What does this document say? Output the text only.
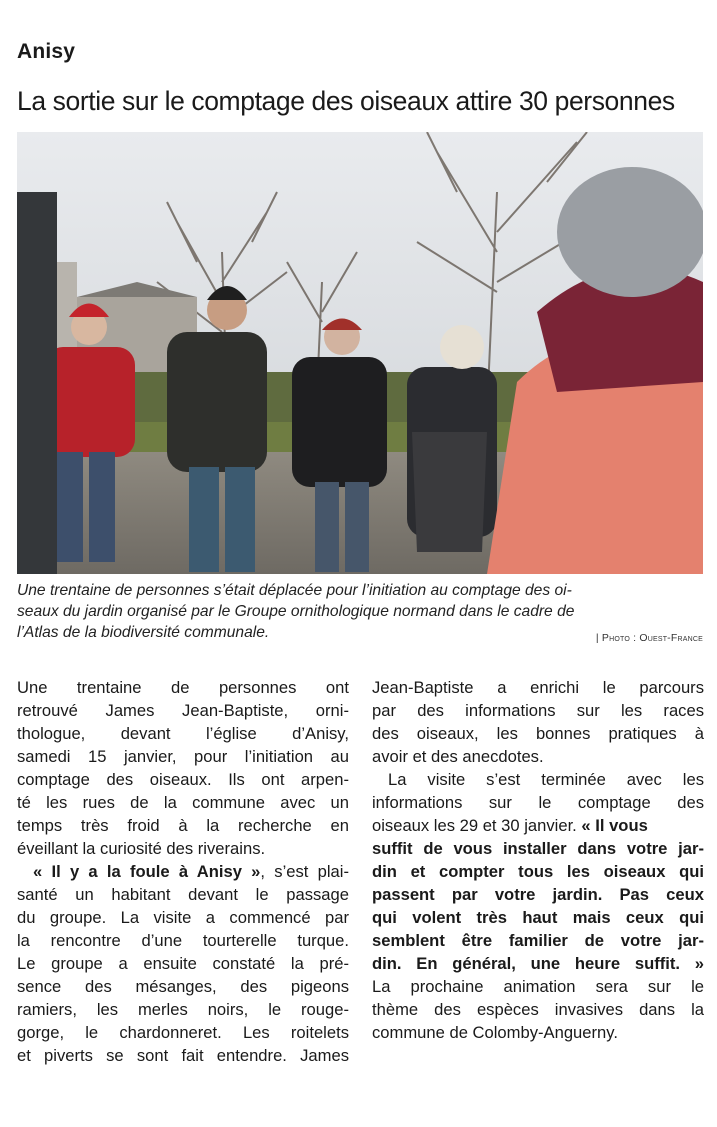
Anisy
La sortie sur le comptage des oiseaux attire 30 personnes
Une trentaine de personnes s’était déplacée pour l’initiation au comptage des oi-
seaux du jardin organisé par le Groupe ornithologique normand dans le cadre de
l’Atlas de la biodiversité communale.	| Photo : Ouest-France
Une trentaine de personnes ont
retrouvé James Jean-Baptiste, orni-
thologue, devant l’église d’Anisy,
samedi 15 janvier, pour l’initiation au
comptage des oiseaux. Ils ont arpen-
té les rues de la commune avec un
temps très froid à la recherche en
éveillant la curiosité des riverains.
« Il y a la foule à Anisy », s’est plai-
santé un habitant devant le passage
du groupe. La visite a commencé par
la rencontre d’une tourterelle turque.
Le groupe a ensuite constaté la pré-
sence des mésanges, des pigeons
ramiers, les merles noirs, le rouge-
gorge, le chardonneret. Les roitelets
et piverts se sont fait entendre. James
Jean-Baptiste a enrichi le parcours
par des informations sur les races
des oiseaux, les bonnes pratiques à
avoir et des anecdotes.
La visite s’est terminée avec les
informations sur le comptage des
oiseaux les 29 et 30 janvier. « Il vous
suffit de vous installer dans votre jar-
din et compter tous les oiseaux qui
passent par votre jardin. Pas ceux
qui volent très haut mais ceux qui
semblent être familier de votre jar-
din. En général, une heure suffit. »
La prochaine animation sera sur le
thème des espèces invasives dans la
commune de Colomby-Anguerny.
